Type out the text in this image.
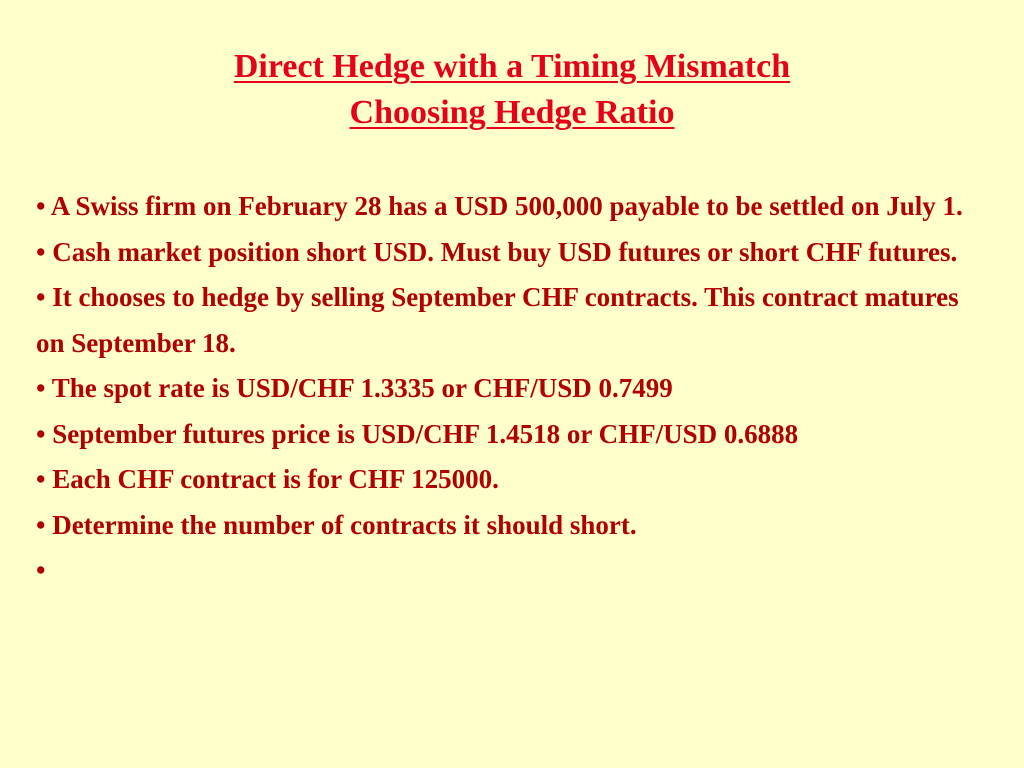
Direct Hedge with a Timing Mismatch
Choosing Hedge Ratio

• A Swiss firm on February 28 has a USD 500,000 payable to be settled on July 1.

• Cash market position short USD. Must buy USD futures or short CHF futures.

• It chooses to hedge by selling September CHF contracts. This contract matures on September 18.

• The spot rate is USD/CHF 1.3335 or CHF/USD 0.7499

• September futures price is USD/CHF 1.4518 or CHF/USD 0.6888

• Each CHF contract is for CHF 125000.

• Determine the number of contracts it should short.

•
